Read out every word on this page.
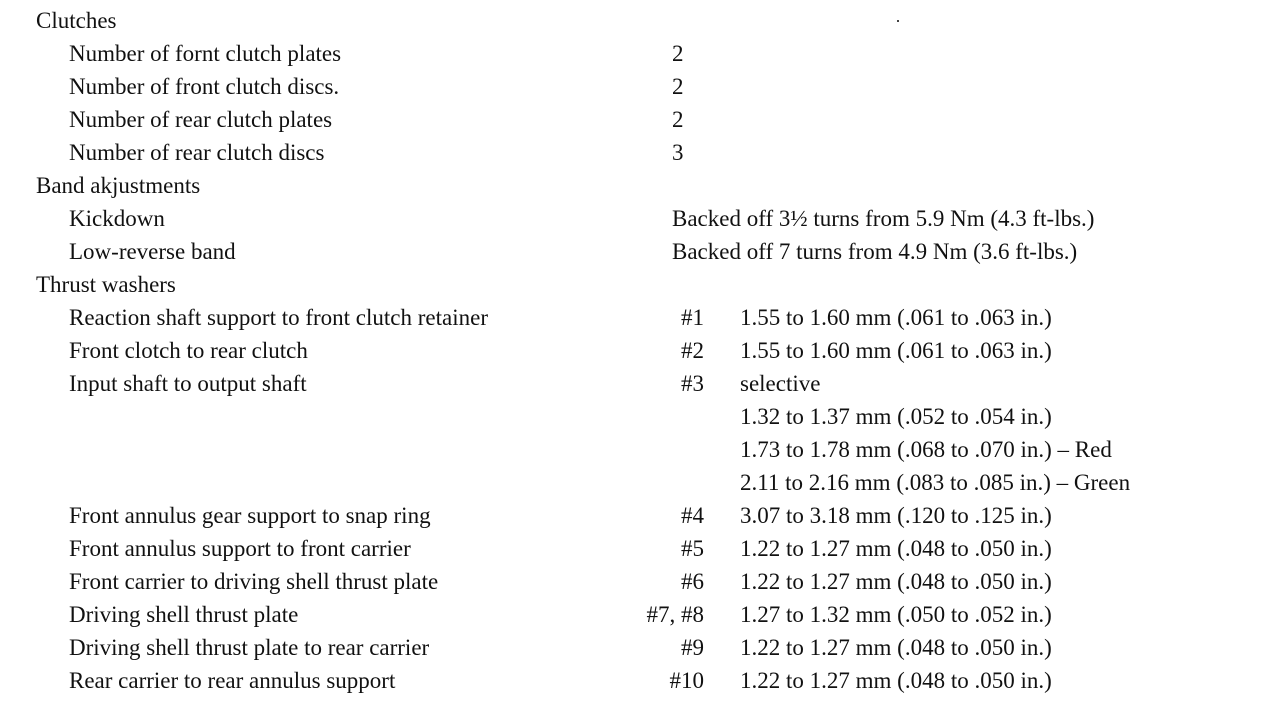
Clutches
Number of fornt clutch plates	2
Number of front clutch discs.	2
Number of rear clutch plates	2
Number of rear clutch discs	3
Band akjustments
Kickdown	Backed off 3½ turns from 5.9 Nm (4.3 ft-lbs.)
Low-reverse band	Backed off 7 turns from 4.9 Nm (3.6 ft-lbs.)
Thrust washers
Reaction shaft support to front clutch retainer	#1 1.55 to 1.60 mm (.061 to .063 in.)
Front clotch to rear clutch	#2 1.55 to 1.60 mm (.061 to .063 in.)
Input shaft to output shaft	#3 selective
1.32 to 1.37 mm (.052 to .054 in.)
1.73 to 1.78 mm (.068 to .070 in.) – Red
2.11 to 2.16 mm (.083 to .085 in.) – Green
Front annulus gear support to snap ring	#4 3.07 to 3.18 mm (.120 to .125 in.)
Front annulus support to front carrier	#5 1.22 to 1.27 mm (.048 to .050 in.)
Front carrier to driving shell thrust plate	#6 1.22 to 1.27 mm (.048 to .050 in.)
Driving shell thrust plate	#7, #8 1.27 to 1.32 mm (.050 to .052 in.)
Driving shell thrust plate to rear carrier	#9 1.22 to 1.27 mm (.048 to .050 in.)
Rear carrier to rear annulus support	#10 1.22 to 1.27 mm (.048 to .050 in.)
